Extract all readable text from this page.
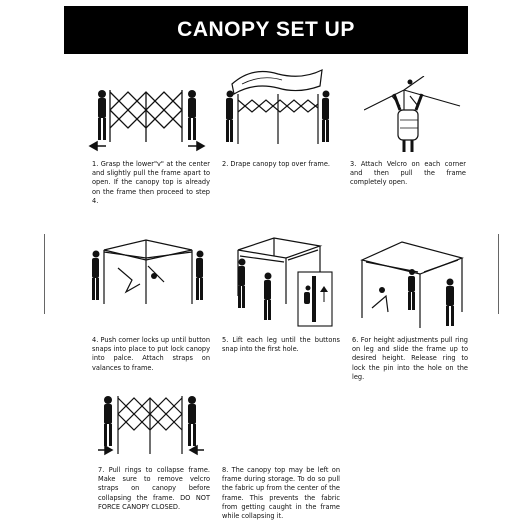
CANOPY SET UP
1. Grasp the lower"v" at the center and slightly pull the frame apart to open. If the canopy top is already on the frame then proceed to step 4.
2. Drape canopy top over frame.	3. Attach Velcro on each corner and then pull the frame completely open.
4. Push corner locks up until button snaps into place to put lock canopy into palce. Attach straps on valances to frame.
5. Lift each leg until the buttons snap into the first hole.
6. For height adjustments pull ring on leg and slide the frame up to desired height. Release ring to lock the pin into the hole on the leg.
7. Pull rings to collapse frame. Make sure to remove velcro straps on canopy before collapsing the frame. DO NOT FORCE CANOPY CLOSED.
8. The canopy top may be left on frame during storage. To do so pull the fabric up from the center of the frame. This prevents the fabric from getting caught in the frame while collapsing it.
